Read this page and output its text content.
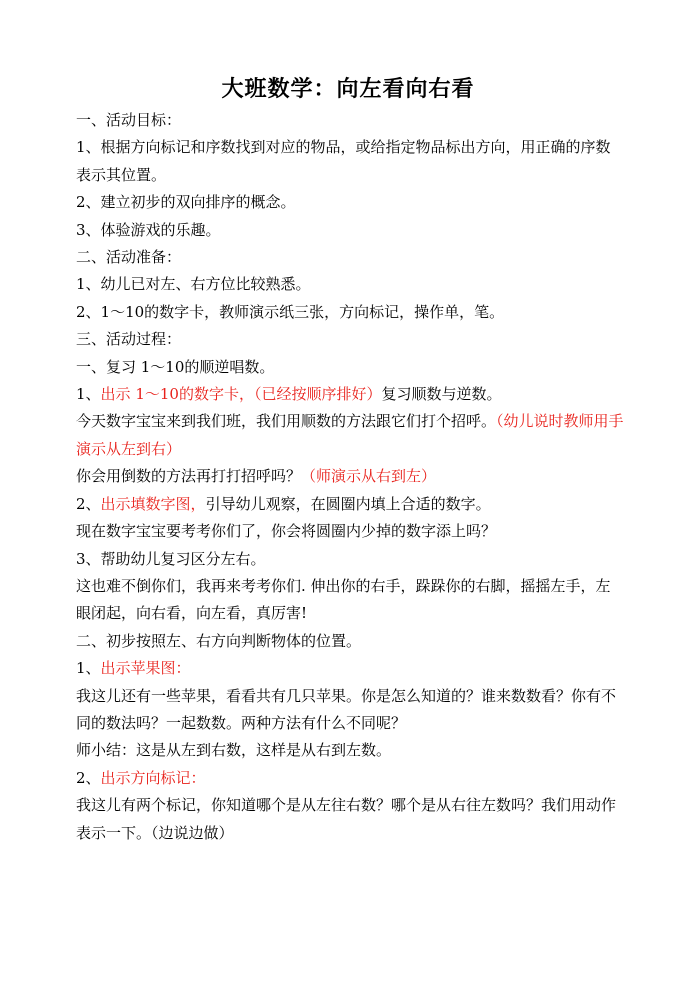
大班数学：向左看向右看

一、活动目标：

1、根据方向标记和序数找到对应的物品，或给指定物品标出方向，用正确的序数表示其位置。

2、建立初步的双向排序的概念。

3、体验游戏的乐趣。

二、活动准备：

1、幼儿已对左、右方位比较熟悉。

2、1～10的数字卡，教师演示纸三张，方向标记，操作单，笔。

三、活动过程：

一、复习 1～10的顺逆唱数。

1、出示 1～10的数字卡，（已经按顺序排好）复习顺数与逆数。

今天数字宝宝来到我们班，我们用顺数的方法跟它们打个招呼。（幼儿说时教师用手演示从左到右）

你会用倒数的方法再打打招呼吗？（师演示从右到左）

2、出示填数字图，引导幼儿观察，在圆圈内填上合适的数字。

现在数字宝宝要考考你们了，你会将圆圈内少掉的数字添上吗？

3、帮助幼儿复习区分左右。

这也难不倒你们，我再来考考你们. 伸出你的右手，跺跺你的右脚，摇摇左手，左眼闭起，向右看，向左看，真厉害!

二、初步按照左、右方向判断物体的位置。

1、出示苹果图：

我这儿还有一些苹果，看看共有几只苹果。你是怎么知道的？谁来数数看？你有不同的数法吗？一起数数。两种方法有什么不同呢？

师小结：这是从左到右数，这样是从右到左数。

2、出示方向标记：

我这儿有两个标记，你知道哪个是从左往右数？哪个是从右往左数吗？我们用动作表示一下。（边说边做）
